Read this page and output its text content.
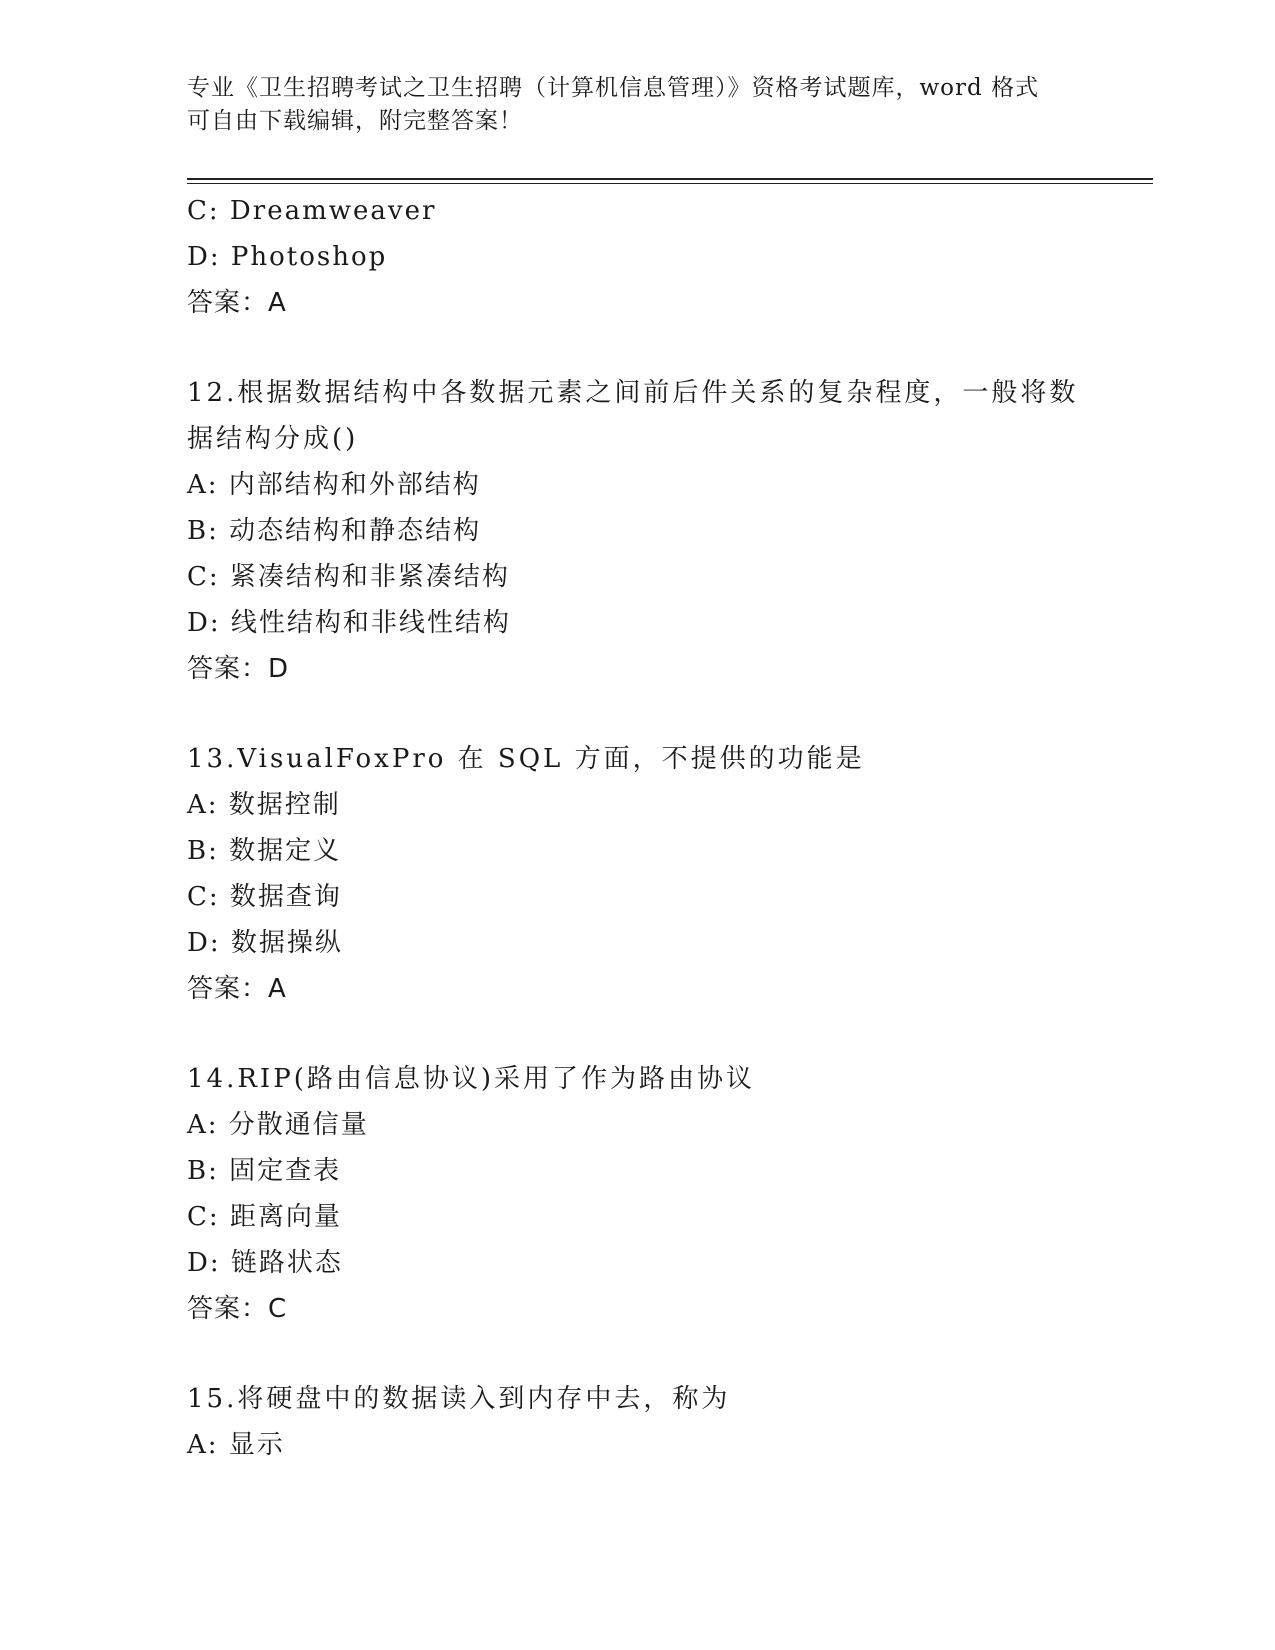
专业《卫生招聘考试之卫生招聘（计算机信息管理）》资格考试题库，word 格式
可自由下载编辑，附完整答案！
C: Dreamweaver
D: Photoshop
答案：A
12.根据数据结构中各数据元素之间前后件关系的复杂程度，一般将数据结构分成()
A: 内部结构和外部结构
B: 动态结构和静态结构
C: 紧凑结构和非紧凑结构
D: 线性结构和非线性结构
答案：D
13.VisualFoxPro 在 SQL 方面，不提供的功能是
A: 数据控制
B: 数据定义
C: 数据查询
D: 数据操纵
答案：A
14.RIP(路由信息协议)采用了作为路由协议
A: 分散通信量
B: 固定查表
C: 距离向量
D: 链路状态
答案：C
15.将硬盘中的数据读入到内存中去，称为
A: 显示
